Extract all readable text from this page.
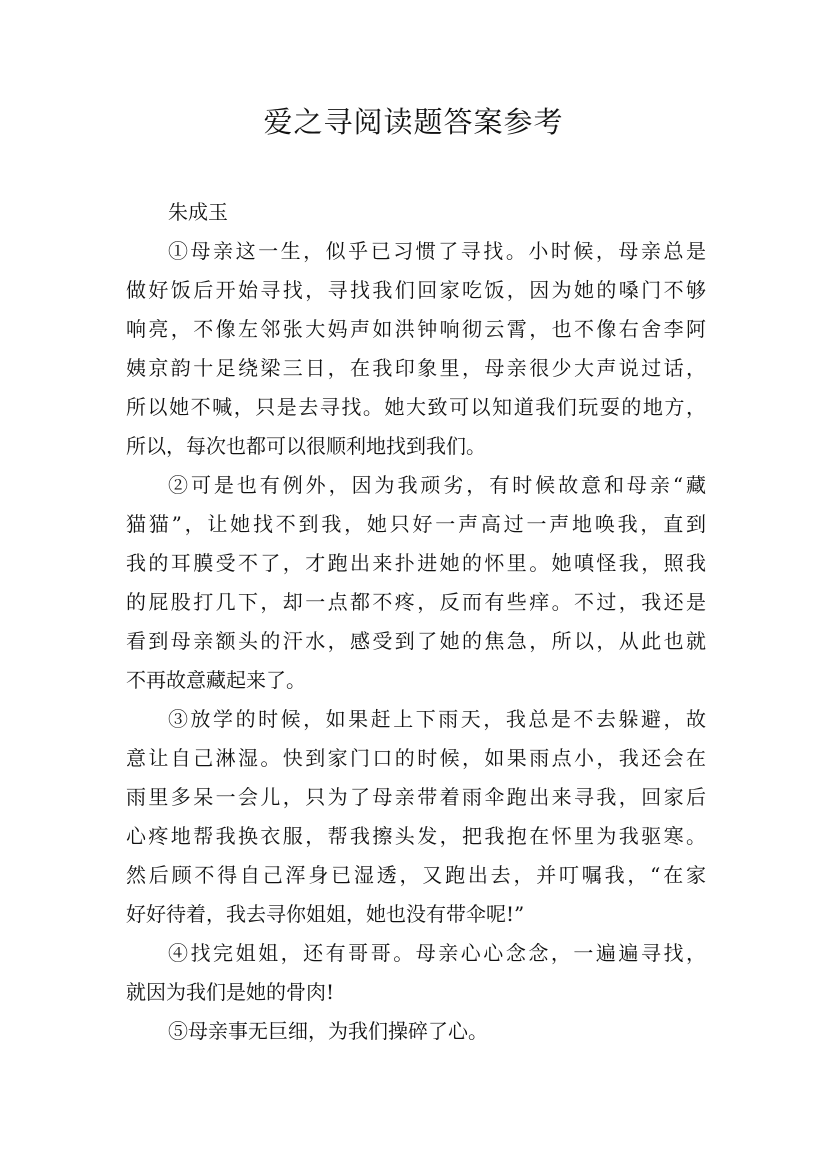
爱之寻阅读题答案参考

朱成玉

①母亲这一生，似乎已习惯了寻找。小时候，母亲总是

做好饭后开始寻找，寻找我们回家吃饭，因为她的嗓门不够

响亮，不像左邻张大妈声如洪钟响彻云霄，也不像右舍李阿

姨京韵十足绕梁三日，在我印象里，母亲很少大声说过话，

所以她不喊，只是去寻找。她大致可以知道我们玩耍的地方，

所以，每次也都可以很顺利地找到我们。

②可是也有例外，因为我顽劣，有时候故意和母亲“藏

猫猫”，让她找不到我，她只好一声高过一声地唤我，直到

我的耳膜受不了，才跑出来扑进她的怀里。她嗔怪我，照我

的屁股打几下，却一点都不疼，反而有些痒。不过，我还是

看到母亲额头的汗水，感受到了她的焦急，所以，从此也就

不再故意藏起来了。

③放学的时候，如果赶上下雨天，我总是不去躲避，故

意让自己淋湿。快到家门口的时候，如果雨点小，我还会在

雨里多呆一会儿，只为了母亲带着雨伞跑出来寻我，回家后

心疼地帮我换衣服，帮我擦头发，把我抱在怀里为我驱寒。

然后顾不得自己浑身已湿透，又跑出去，并叮嘱我，“在家

好好待着，我去寻你姐姐，她也没有带伞呢!”

④找完姐姐，还有哥哥。母亲心心念念，一遍遍寻找，

就因为我们是她的骨肉!

⑤母亲事无巨细，为我们操碎了心。
